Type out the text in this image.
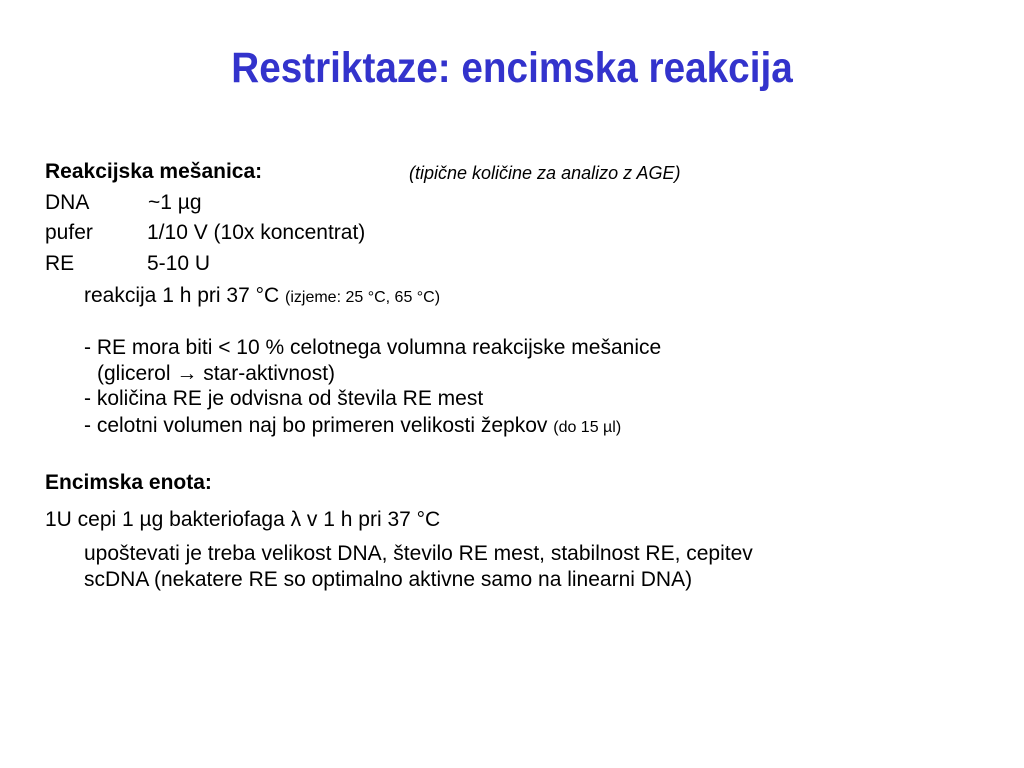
Restriktaze: encimska reakcija
Reakcijska mešanica:	(tipične količine za analizo z AGE)
DNA	~1 µg
pufer	1/10 V (10x koncentrat)
RE	5-10 U
reakcija 1 h pri 37 °C (izjeme: 25 °C, 65 °C)
- RE mora biti < 10 % celotnega volumna reakcijske mešanice
(glicerol → star-aktivnost)
- količina RE je odvisna od števila RE mest
- celotni volumen naj bo primeren velikosti žepkov (do 15 µl)
Encimska enota:
1U cepi 1 µg bakteriofaga λ v 1 h pri 37 °C
upoštevati je treba velikost DNA, število RE mest, stabilnost RE, cepitev
scDNA (nekatere RE so optimalno aktivne samo na linearni DNA)
